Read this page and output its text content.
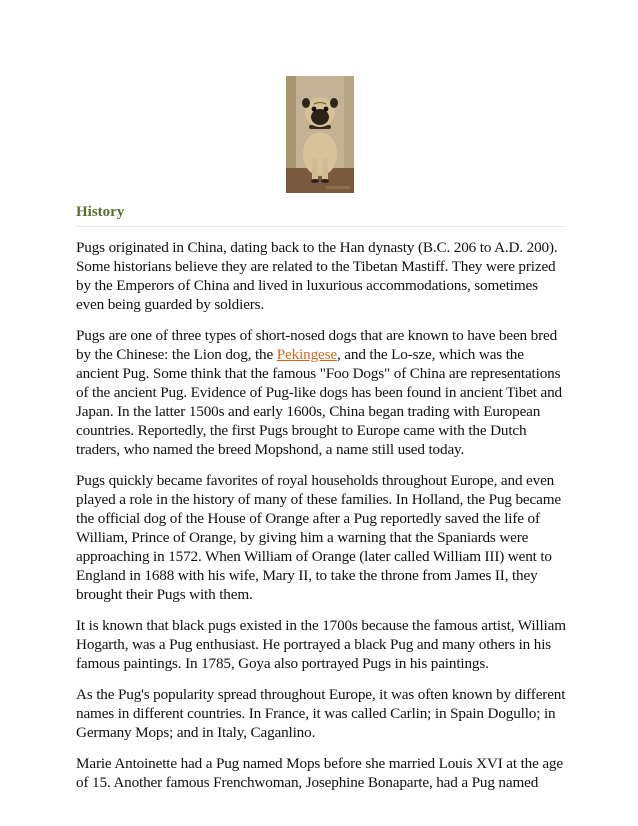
History

Pugs originated in China, dating back to the Han dynasty (B.C. 206 to A.D. 200). Some historians believe they are related to the Tibetan Mastiff. They were prized by the Emperors of China and lived in luxurious accommodations, sometimes even being guarded by soldiers.

Pugs are one of three types of short-nosed dogs that are known to have been bred by the Chinese: the Lion dog, the Pekingese, and the Lo-sze, which was the ancient Pug. Some think that the famous "Foo Dogs" of China are representations of the ancient Pug. Evidence of Pug-like dogs has been found in ancient Tibet and Japan. In the latter 1500s and early 1600s, China began trading with European countries. Reportedly, the first Pugs brought to Europe came with the Dutch traders, who named the breed Mopshond, a name still used today.

Pugs quickly became favorites of royal households throughout Europe, and even played a role in the history of many of these families. In Holland, the Pug became the official dog of the House of Orange after a Pug reportedly saved the life of William, Prince of Orange, by giving him a warning that the Spaniards were approaching in 1572. When William of Orange (later called William III) went to England in 1688 with his wife, Mary II, to take the throne from James II, they brought their Pugs with them.

It is known that black pugs existed in the 1700s because the famous artist, William Hogarth, was a Pug enthusiast. He portrayed a black Pug and many others in his famous paintings. In 1785, Goya also portrayed Pugs in his paintings.

As the Pug's popularity spread throughout Europe, it was often known by different names in different countries. In France, it was called Carlin; in Spain Dogullo; in Germany Mops; and in Italy, Caganlino.

Marie Antoinette had a Pug named Mops before she married Louis XVI at the age of 15. Another famous Frenchwoman, Josephine Bonaparte, had a Pug named
